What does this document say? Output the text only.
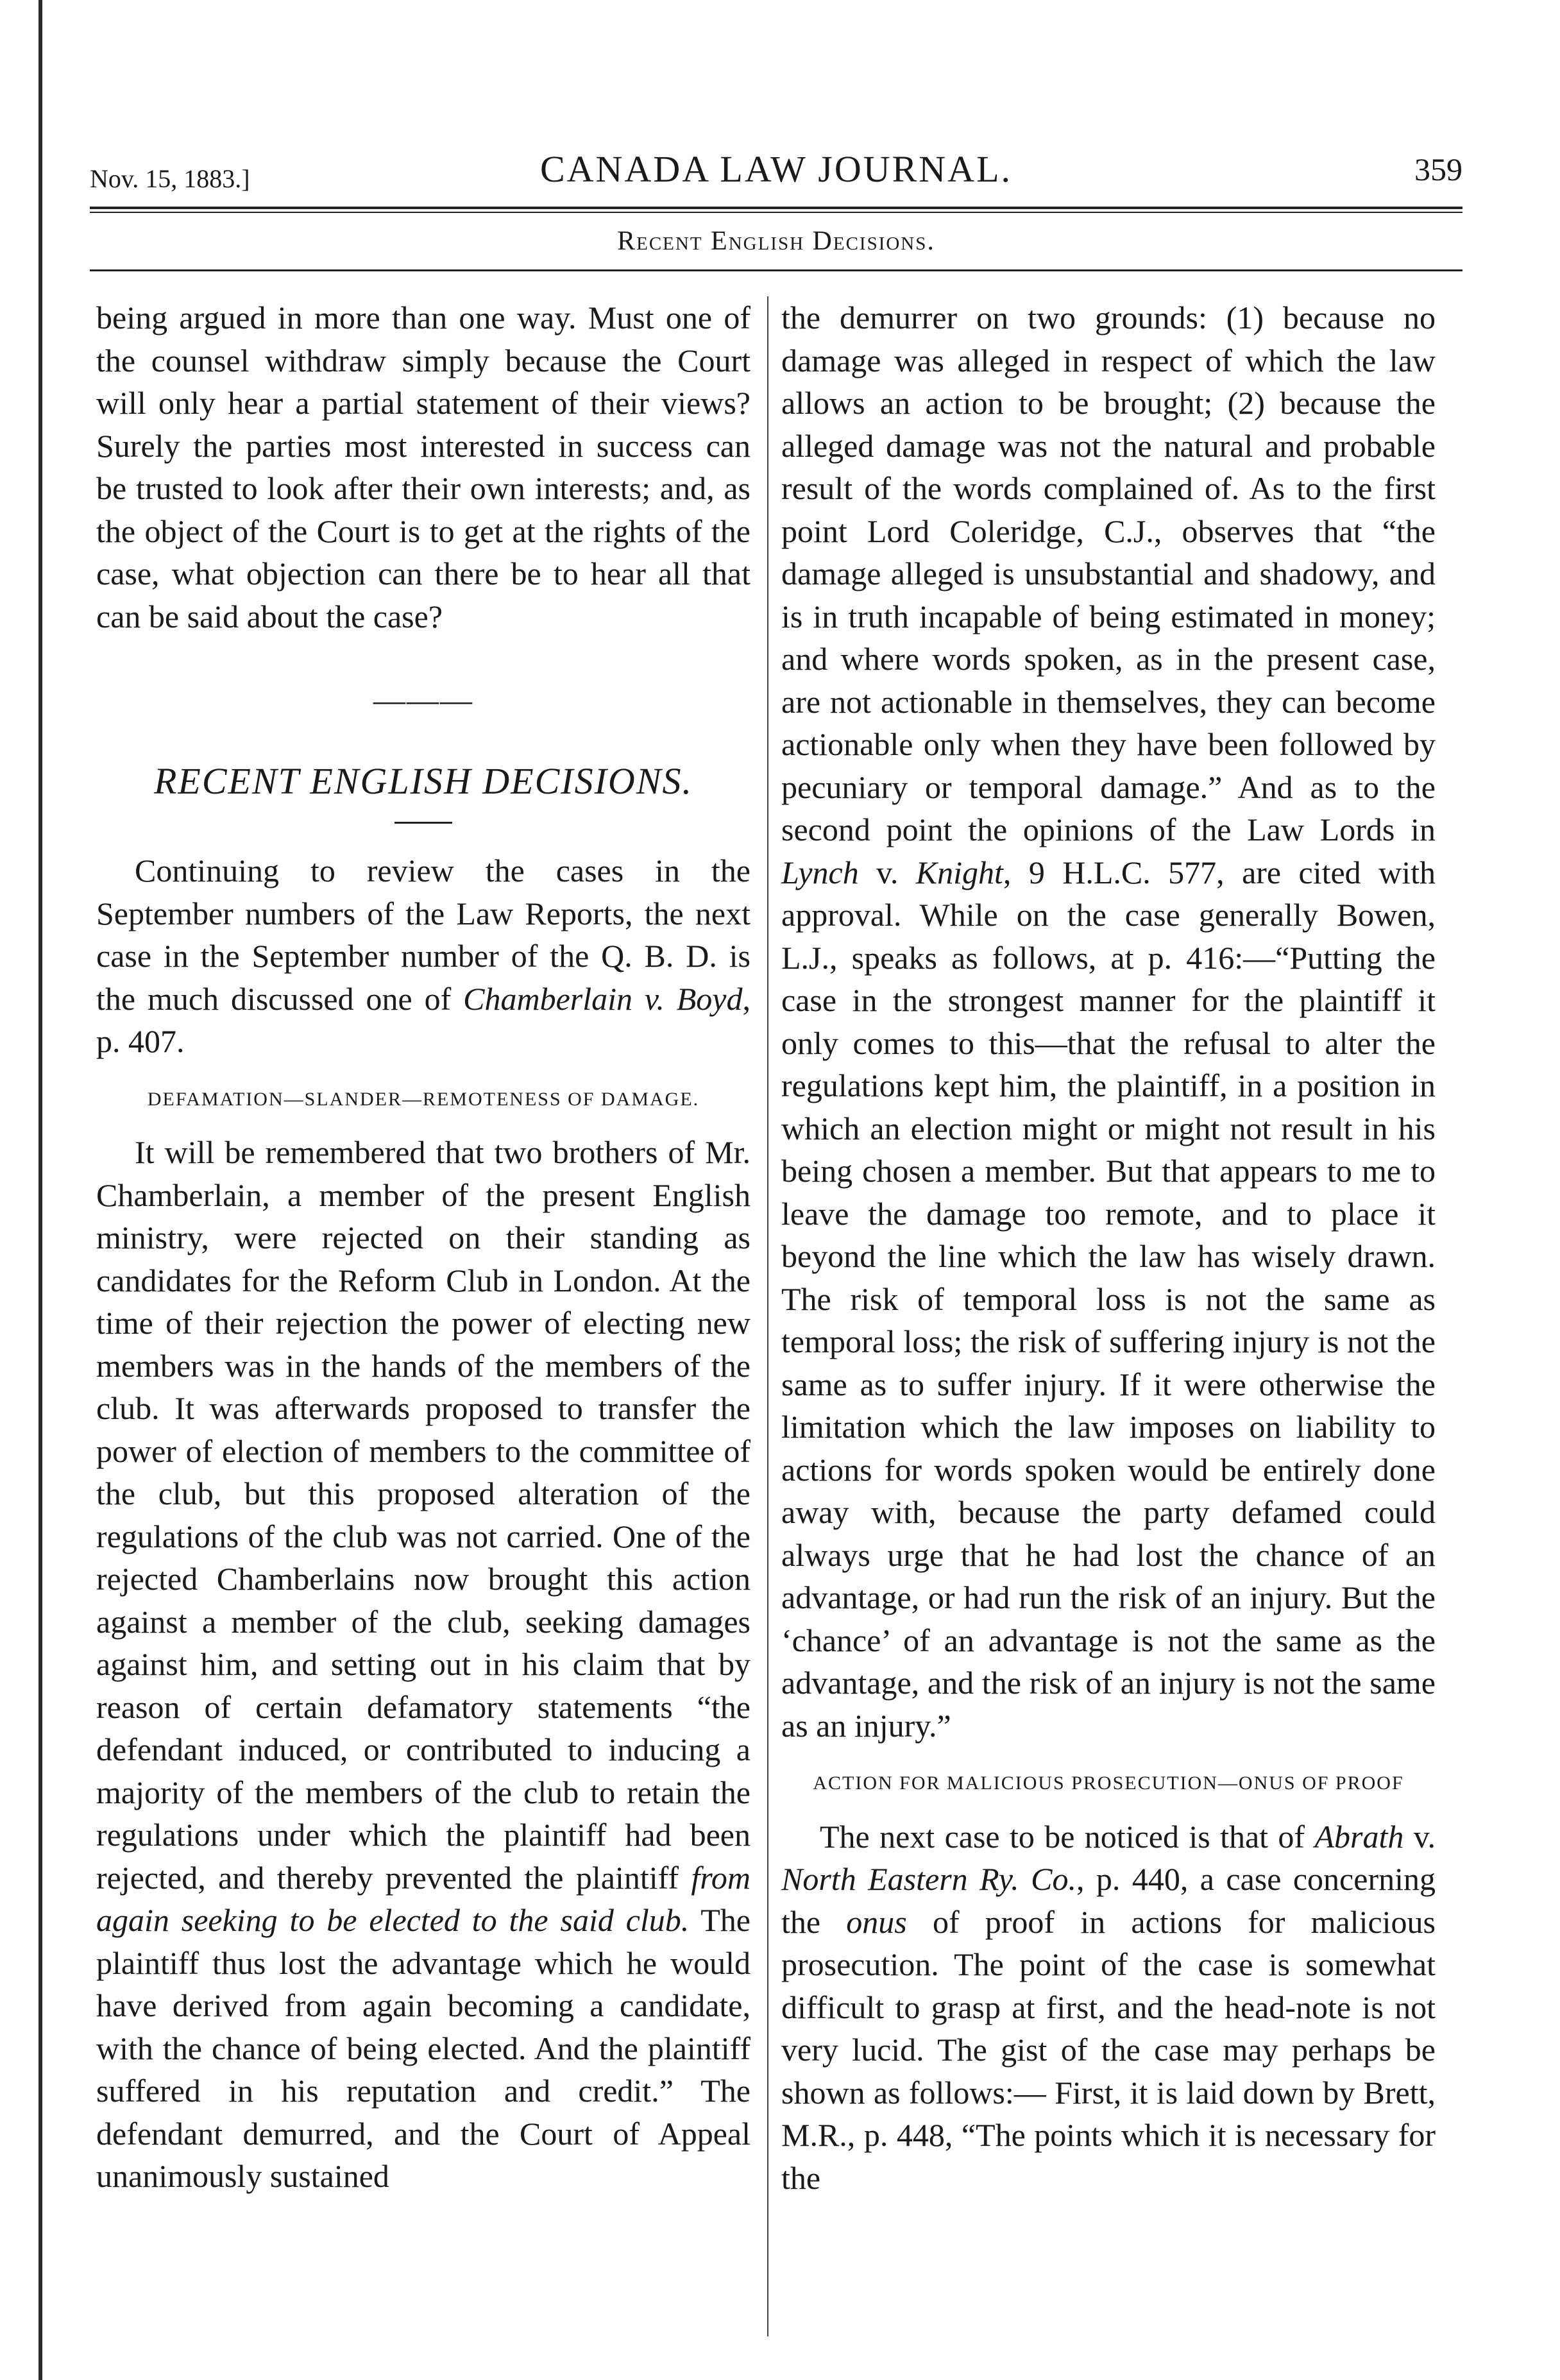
Nov. 15, 1883.]	CANADA LAW JOURNAL.	359
Recent English Decisions.

being argued in more than one way. Must one of the counsel withdraw simply because the Court will only hear a partial statement of their views? Surely the parties most interested in success can be trusted to look after their own interests; and, as the object of the Court is to get at the rights of the case, what objection can there be to hear all that can be said about the case?

———
RECENT ENGLISH DECISIONS.

Continuing to review the cases in the September numbers of the Law Reports, the next case in the September number of the Q. B. D. is the much discussed one of Chamberlain v. Boyd, p. 407.

DEFAMATION—SLANDER—REMOTENESS OF DAMAGE.

It will be remembered that two brothers of Mr. Chamberlain, a member of the present English ministry, were rejected on their standing as candidates for the Reform Club in London. At the time of their rejection the power of electing new members was in the hands of the members of the club. It was afterwards proposed to transfer the power of election of members to the committee of the club, but this proposed alteration of the regulations of the club was not carried. One of the rejected Chamberlains now brought this action against a member of the club, seeking damages against him, and setting out in his claim that by reason of certain defamatory statements “the defendant induced, or contributed to inducing a majority of the members of the club to retain the regulations under which the plaintiff had been rejected, and thereby prevented the plaintiff from again seeking to be elected to the said club. The plaintiff thus lost the advantage which he would have derived from again becoming a candidate, with the chance of being elected. And the plaintiff suffered in his reputation and credit.” The defendant demurred, and the Court of Appeal unanimously sustained

the demurrer on two grounds: (1) because no damage was alleged in respect of which the law allows an action to be brought; (2) because the alleged damage was not the natural and probable result of the words complained of. As to the first point Lord Coleridge, C.J., observes that “the damage alleged is unsubstantial and shadowy, and is in truth incapable of being estimated in money; and where words spoken, as in the present case, are not actionable in themselves, they can become actionable only when they have been followed by pecuniary or temporal damage.” And as to the second point the opinions of the Law Lords in Lynch v. Knight, 9 H.L.C. 577, are cited with approval. While on the case generally Bowen, L.J., speaks as follows, at p. 416:—“Putting the case in the strongest manner for the plaintiff it only comes to this—that the refusal to alter the regulations kept him, the plaintiff, in a position in which an election might or might not result in his being chosen a member. But that appears to me to leave the damage too remote, and to place it beyond the line which the law has wisely drawn. The risk of temporal loss is not the same as temporal loss; the risk of suffering injury is not the same as to suffer injury. If it were otherwise the limitation which the law imposes on liability to actions for words spoken would be entirely done away with, because the party defamed could always urge that he had lost the chance of an advantage, or had run the risk of an injury. But the ‘chance’ of an advantage is not the same as the advantage, and the risk of an injury is not the same as an injury.”

ACTION FOR MALICIOUS PROSECUTION—ONUS OF PROOF

The next case to be noticed is that of Abrath v. North Eastern Ry. Co., p. 440, a case concerning the onus of proof in actions for malicious prosecution. The point of the case is somewhat difficult to grasp at first, and the head-note is not very lucid. The gist of the case may perhaps be shown as follows:— First, it is laid down by Brett, M.R., p. 448, “The points which it is necessary for the
